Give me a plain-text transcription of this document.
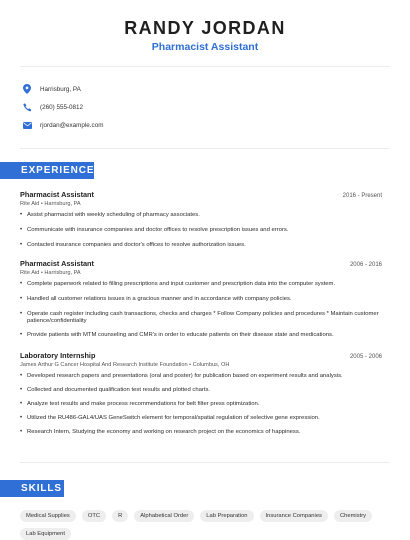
RANDY JORDAN
Pharmacist Assistant
Harrisburg, PA
(260) 555-0812
rjordan@example.com
EXPERIENCE
Pharmacist Assistant	2016 - Present
Rite Aid • Harrisburg, PA
• Assist pharmacist with weekly scheduling of pharmacy associates.
• Communicate with insurance companies and doctor offices to resolve prescription issues and errors.
• Contacted insurance companies and doctor's offices to resolve authorization issues.
Pharmacist Assistant	2006 - 2016
Rite Aid • Harrisburg, PA
• Complete paperwork related to filling prescriptions and input customer and prescription data into the computer system.
• Handled all customer relations issues in a gracious manner and in accordance with company policies.
• Operate cash register including cash transactions, checks and charges * Follow Company policies and procedures * Maintain customer patience/confidentiality
• Provide patients with MTM counseling and CMR's in order to educate patients on their disease state and medications.
Laboratory Internship	2005 - 2006
James Arthur G Cancer Hospital And Research Institute Foundation • Columbus, OH
• Developed research papers and presentations (oral and poster) for publication based on experiment results and analysis.
• Collected and documented qualification test results and plotted charts.
• Analyze test results and make process recommendations for belt filter press optimization.
• Utilized the RU486-GAL4/UAS GeneSwitch element for temporal/spatial regulation of selective gene expression.
• Research Intern, Studying the economy and working on research project on the economics of happiness.
SKILLS
Medical Supplies	OTC	R	Alphabetical Order	Lab Preparation	Insurance Companies	Chemistry
Lab Equipment
